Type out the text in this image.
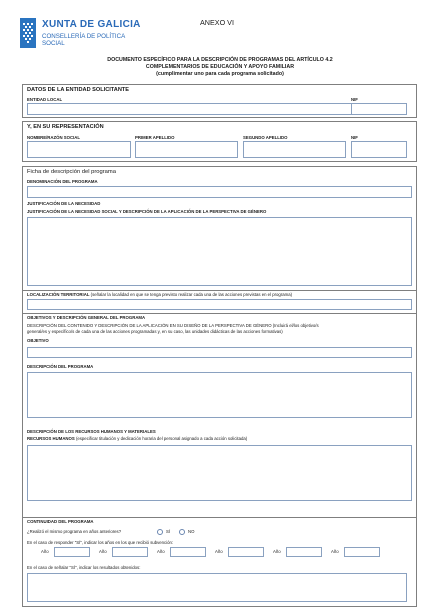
XUNTA DE GALICIA
CONSELLERÍA DE POLÍTICA
SOCIAL
ANEXO VI
DOCUMENTO ESPECÍFICO PARA LA DESCRIPCIÓN DE PROGRAMAS DEL ARTÍCULO 4.2
COMPLEMENTARIOS DE EDUCACIÓN Y APOYO FAMILIAR
(cumplimentar uno para cada programa solicitado)
DATOS DE LA ENTIDAD SOLICITANTE
ENTIDAD LOCAL	NIF
Y, EN SU REPRESENTACIÓN
NOMBRE/RAZÓN SOCIAL	PRIMER APELLIDO	SEGUNDO APELLIDO	NIF
Ficha de descripción del programa
DENOMINACIÓN DEL PROGRAMA
JUSTIFICACIÓN DE LA NECESIDAD
JUSTIFICACIÓN DE LA NECESIDAD SOCIAL Y DESCRIPCIÓN DE LA APLICACIÓN DE LA PERSPECTIVA DE GÉNERO
LOCALIZACIÓN TERRITORIAL (señalar la localidad en que se tenga previsto realizar cada una de las acciones previstas en el programa)
OBJETIVOS Y DESCRIPCIÓN GENERAL DEL PROGRAMA
DESCRIPCIÓN DEL CONTENIDO Y DESCRIPCIÓN DE LA APLICACIÓN EN SU DISEÑO DE LA PERSPECTIVA DE GÉNERO (Incluirá el/los objetivo/s
general/es y específico/s de cada una de las acciones programadas y, en su caso, las unidades didácticas de las acciones formativas)
OBJETIVO
DESCRIPCIÓN DEL PROGRAMA
DESCRIPCIÓN DE LOS RECURSOS HUMANOS Y MATERIALES
RECURSOS HUMANOS (especificar titulación y dedicación horaria del personal asignado a cada acción solicitada)
CONTINUIDAD DEL PROGRAMA
¿Realizó el mismo programa en años anteriores?	SÍ	NO
En el caso de responder "SÍ", indicar los años en los que recibió subvención:
Año	Año	Año	Año	Año	Año
En el caso de señalar "SÍ", indicar los resultados obtenidos:
